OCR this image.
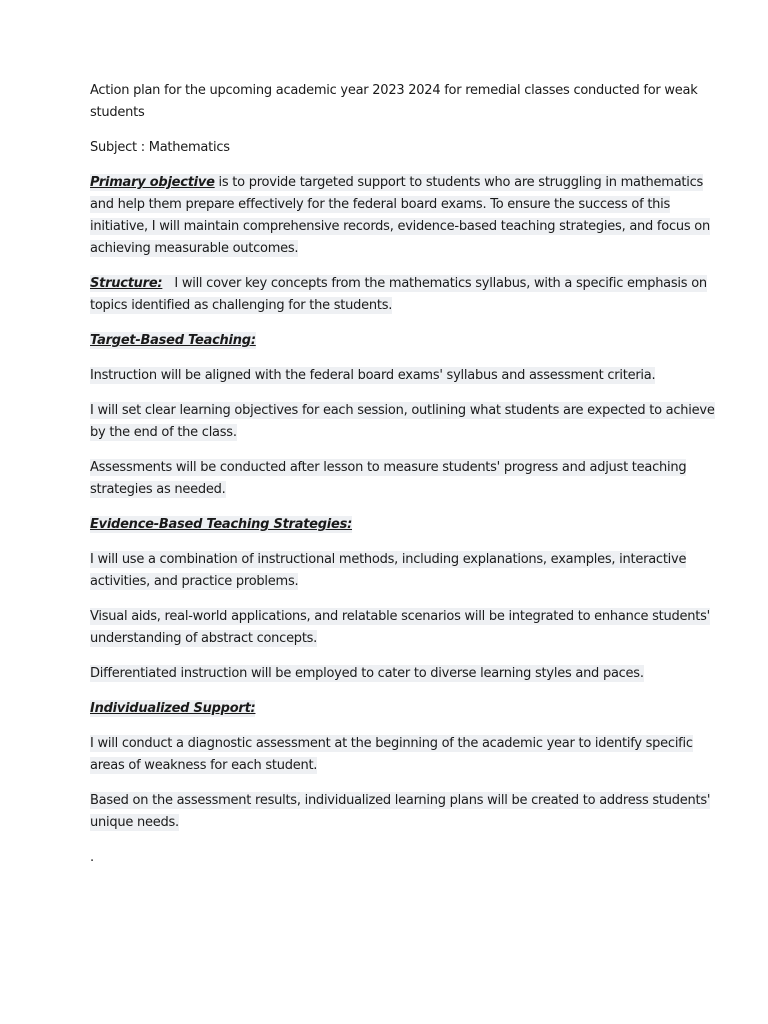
Action plan for the upcoming academic year 2023 2024 for remedial classes conducted for weak students

Subject : Mathematics

Primary objective is to provide targeted support to students who are struggling in mathematics and help them prepare effectively for the federal board exams. To ensure the success of this initiative, I will maintain comprehensive records, evidence-based teaching strategies, and focus on achieving measurable outcomes.

Structure: I will cover key concepts from the mathematics syllabus, with a specific emphasis on topics identified as challenging for the students.

Target-Based Teaching:

Instruction will be aligned with the federal board exams' syllabus and assessment criteria.

I will set clear learning objectives for each session, outlining what students are expected to achieve by the end of the class.

Assessments will be conducted after lesson to measure students' progress and adjust teaching strategies as needed.

Evidence-Based Teaching Strategies:

I will use a combination of instructional methods, including explanations, examples, interactive activities, and practice problems.

Visual aids, real-world applications, and relatable scenarios will be integrated to enhance students' understanding of abstract concepts.

Differentiated instruction will be employed to cater to diverse learning styles and paces.

Individualized Support:

I will conduct a diagnostic assessment at the beginning of the academic year to identify specific areas of weakness for each student.

Based on the assessment results, individualized learning plans will be created to address students' unique needs.

.
